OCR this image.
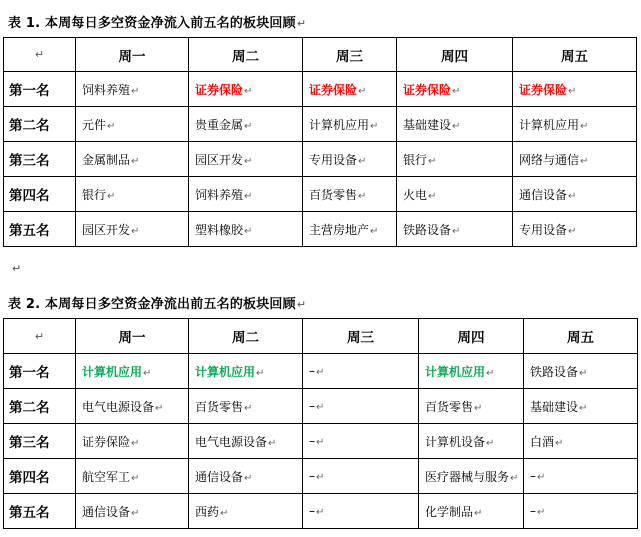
表 1. 本周每日多空资金净流入前五名的板块回顾↵
↵	周一	周二	周三	周四	周五
第一名	饲料养殖↵	证券保险↵	证券保险↵	证券保险↵	证券保险↵
第二名	元件↵	贵重金属↵	计算机应用↵	基础建设↵	计算机应用↵
第三名	金属制品↵	园区开发↵	专用设备↵	银行↵	网络与通信↵
第四名	银行↵	饲料养殖↵	百货零售↵	火电↵	通信设备↵
第五名	园区开发↵	塑料橡胶↵	主营房地产↵	铁路设备↵	专用设备↵
↵
表 2. 本周每日多空资金净流出前五名的板块回顾↵
↵	周一	周二	周三	周四	周五
第一名	计算机应用↵	计算机应用↵	–↵	计算机应用↵	铁路设备↵
第二名	电气电源设备↵	百货零售↵	–↵	百货零售↵	基础建设↵
第三名	证券保险↵	电气电源设备↵	–↵	计算机设备↵	白酒↵
第四名	航空军工↵	通信设备↵	–↵	医疗器械与服务↵	–↵
第五名	通信设备↵	西药↵	–↵	化学制品↵	–↵
